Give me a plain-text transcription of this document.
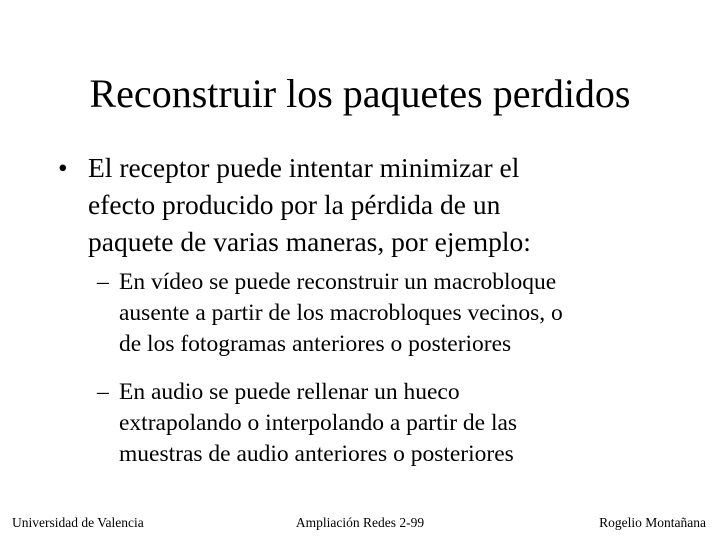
Reconstruir los paquetes perdidos
• El receptor puede intentar minimizar el
efecto producido por la pérdida de un
paquete de varias maneras, por ejemplo:
– En vídeo se puede reconstruir un macrobloque
ausente a partir de los macrobloques vecinos, o
de los fotogramas anteriores o posteriores
– En audio se puede rellenar un hueco
extrapolando o interpolando a partir de las
muestras de audio anteriores o posteriores
Universidad de Valencia	Ampliación Redes 2-99	Rogelio Montañana
